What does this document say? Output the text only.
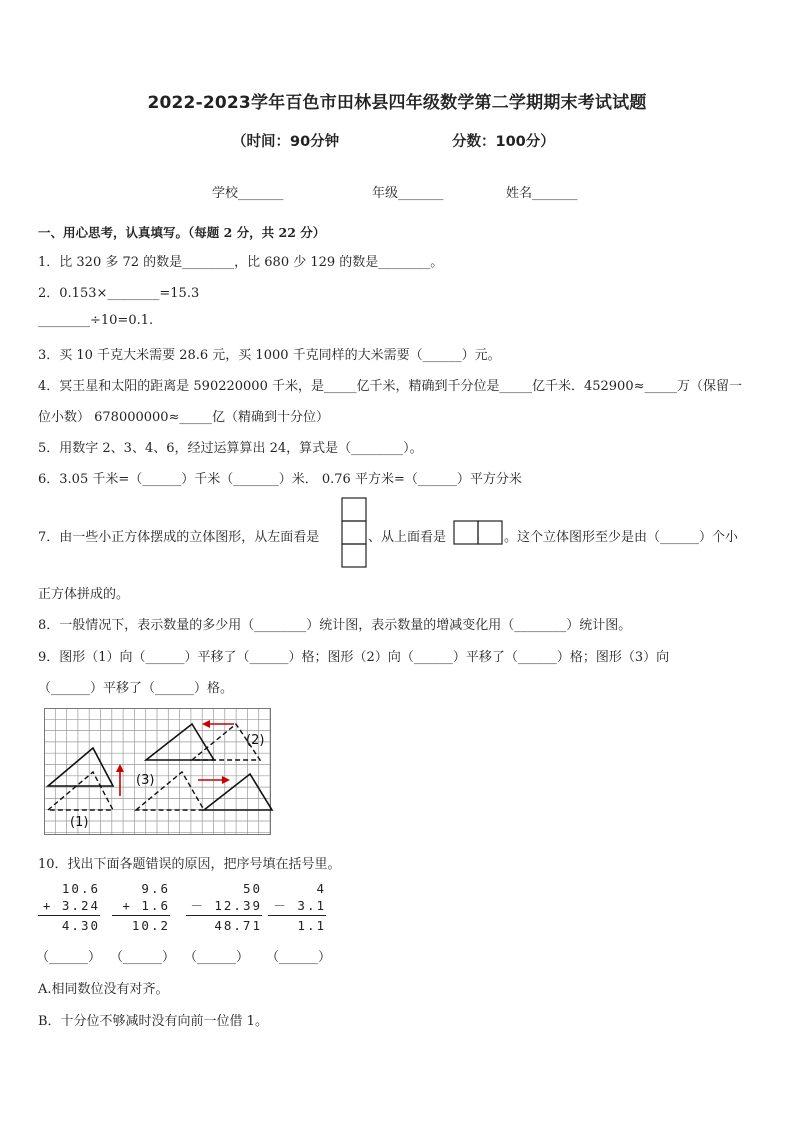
2022-2023学年百色市田林县四年级数学第二学期期末考试试题
（时间：90分钟	分数：100分）
学校_______	年级_______	姓名_______
一、用心思考，认真填写。（每题 2 分，共 22 分）
1．比 320 多 72 的数是________，比 680 少 129 的数是________。
2．0.153×________=15.3
________÷10=0.1.
3．买 10 千克大米需要 28.6 元，买 1000 千克同样的大米需要（______）元。
4．冥王星和太阳的距离是 590220000 千米，是_____亿千米，精确到千分位是_____亿千米．452900≈_____万（保留一
位小数） 678000000≈_____亿（精确到十分位）
5．用数字 2、3、4、6，经过运算算出 24，算式是（________）。
6．3.05 千米=（______）千米（_______）米． 0.76 平方米=（______）平方分米
7．由一些小正方体摆成的立体图形，从左面看是	、从上面看是	。这个立体图形至少是由（______）个小
正方体拼成的。
8．一般情况下，表示数量的多少用（________）统计图，表示数量的增减变化用（________）统计图。
9．图形（1）向（______）平移了（______）格；图形（2）向（______）平移了（______）格；图形（3）向
（______）平移了（______）格。
(1)
(2)
(3)
10．找出下面各题错误的原因，把序号填在括号里。
10.6
+ 3.24
4.30
（______）
9.6
+ 1.6
10.2
（______）
50
－ 12.39
48.71
（______）
4
－ 3.1
1.1
（______）
A.相同数位没有对齐。
B．十分位不够减时没有向前一位借 1。
